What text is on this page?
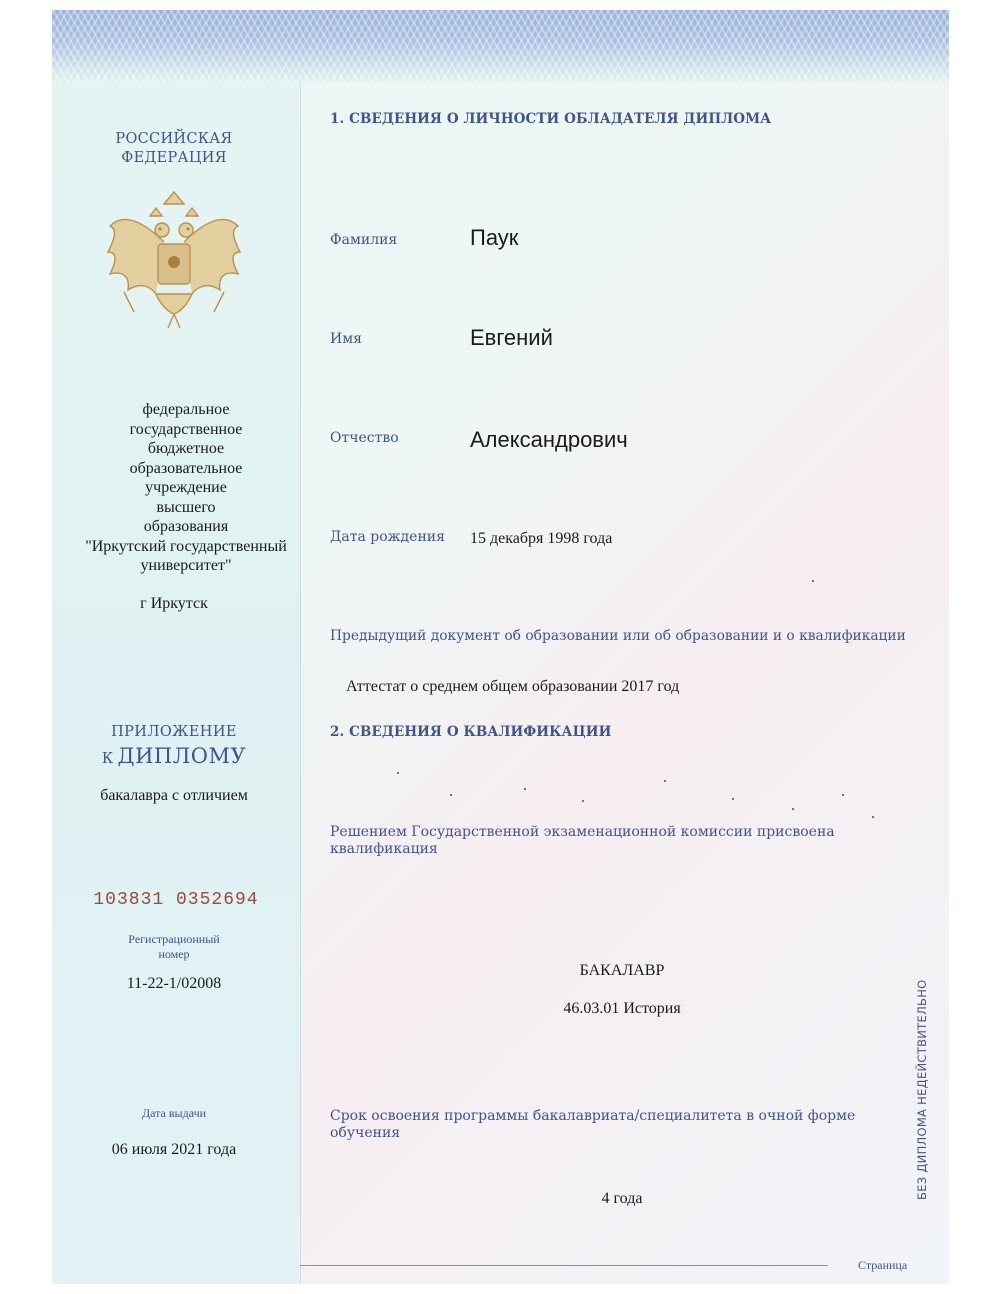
РОССИЙСКАЯ
ФЕДЕРАЦИЯ
федеральное
государственное
бюджетное
образовательное
учреждение
высшего
образования
"Иркутский государственный
университет"
г Иркутск
ПРИЛОЖЕНИЕ
К ДИПЛОМУ
бакалавра с отличием
103831 0352694
Регистрационный
номер
11-22-1/02008
Дата выдачи
06 июля 2021 года
1. СВЕДЕНИЯ О ЛИЧНОСТИ ОБЛАДАТЕЛЯ ДИПЛОМА
Фамилия	Паук
Имя	Евгений
Отчество	Александрович
Дата рождения 15 декабря 1998 года
Предыдущий документ об образовании или об образовании и о квалификации
Аттестат о среднем общем образовании 2017 год
2. СВЕДЕНИЯ О КВАЛИФИКАЦИИ
Решением Государственной экзаменационной комиссии присвоена квалификация
БАКАЛАВР
46.03.01 История
Срок освоения программы бакалавриата/специалитета в очной форме обучения
4 года
Страница
БЕЗ ДИПЛОМА НЕДЕЙСТВИТЕЛЬНО
